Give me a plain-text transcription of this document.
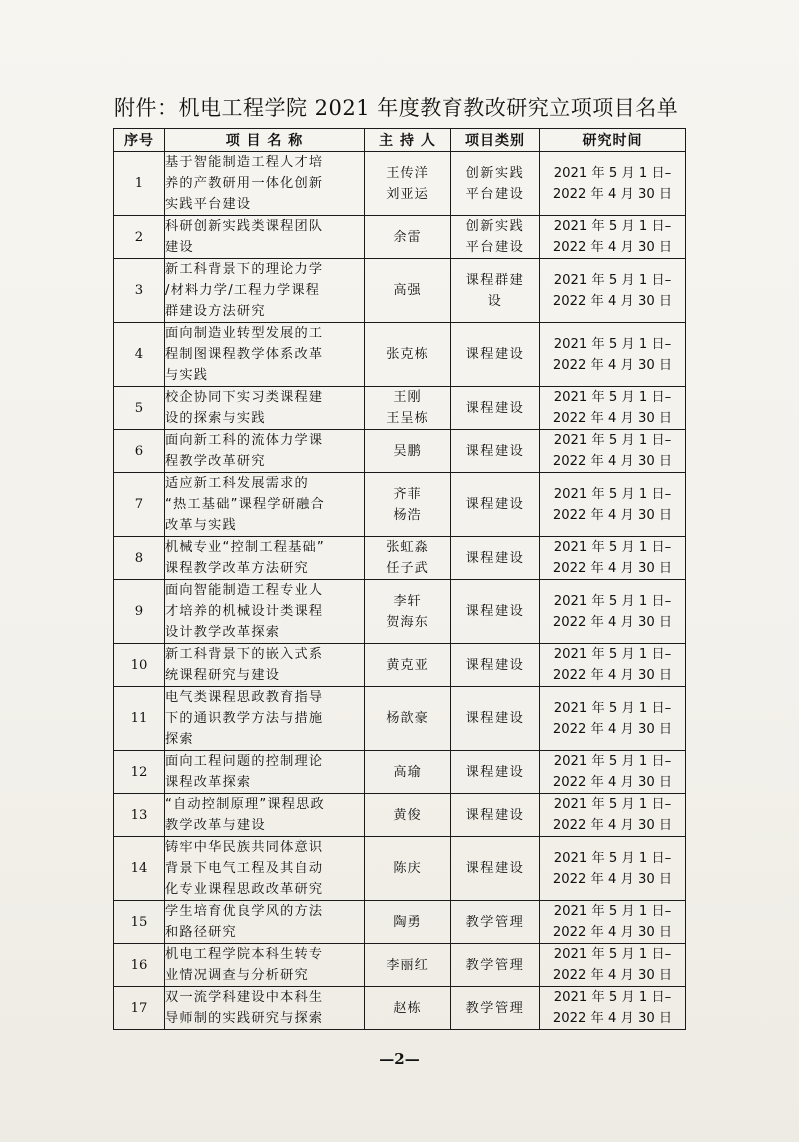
附件：机电工程学院 2021 年度教育教改研究立项项目名单
序号	项 目 名 称	主 持 人	项目类别	研究时间

1	基于智能制造工程人才培
养的产教研用一体化创新
实践平台建设	王传洋
刘亚运	创新实践
平台建设	2021 年 5 月 1 日–
2022 年 4 月 30 日

2	科研创新实践类课程团队
建设	余雷	创新实践
平台建设	2021 年 5 月 1 日–
2022 年 4 月 30 日

3	新工科背景下的理论力学
/材料力学/工程力学课程
群建设方法研究	高强	课程群建
设	2021 年 5 月 1 日–
2022 年 4 月 30 日

4	面向制造业转型发展的工
程制图课程教学体系改革
与实践	张克栋	课程建设	2021 年 5 月 1 日–
2022 年 4 月 30 日

5	校企协同下实习类课程建
设的探索与实践	王刚
王呈栋	课程建设	2021 年 5 月 1 日–
2022 年 4 月 30 日

6	面向新工科的流体力学课
程教学改革研究	吴鹏	课程建设	2021 年 5 月 1 日–
2022 年 4 月 30 日

7	适应新工科发展需求的
“热工基础”课程学研融合
改革与实践	齐菲
杨浩	课程建设	2021 年 5 月 1 日–
2022 年 4 月 30 日

8	机械专业“控制工程基础”
课程教学改革方法研究	张虹淼
任子武	课程建设	2021 年 5 月 1 日–
2022 年 4 月 30 日

9	面向智能制造工程专业人
才培养的机械设计类课程
设计教学改革探索	李轩
贺海东	课程建设	2021 年 5 月 1 日–
2022 年 4 月 30 日

10	新工科背景下的嵌入式系
统课程研究与建设	黄克亚	课程建设	2021 年 5 月 1 日–
2022 年 4 月 30 日

11	电气类课程思政教育指导
下的通识教学方法与措施
探索	杨歆豪	课程建设	2021 年 5 月 1 日–
2022 年 4 月 30 日

12	面向工程问题的控制理论
课程改革探索	高瑜	课程建设	2021 年 5 月 1 日–
2022 年 4 月 30 日

13	“自动控制原理”课程思政
教学改革与建设	黄俊	课程建设	2021 年 5 月 1 日–
2022 年 4 月 30 日

14	铸牢中华民族共同体意识
背景下电气工程及其自动
化专业课程思政改革研究	陈庆	课程建设	2021 年 5 月 1 日–
2022 年 4 月 30 日

15	学生培育优良学风的方法
和路径研究	陶勇	教学管理	2021 年 5 月 1 日–
2022 年 4 月 30 日

16	机电工程学院本科生转专
业情况调查与分析研究	李丽红	教学管理	2021 年 5 月 1 日–
2022 年 4 月 30 日

17	双一流学科建设中本科生
导师制的实践研究与探索	赵栋	教学管理	2021 年 5 月 1 日–
2022 年 4 月 30 日
—2—
